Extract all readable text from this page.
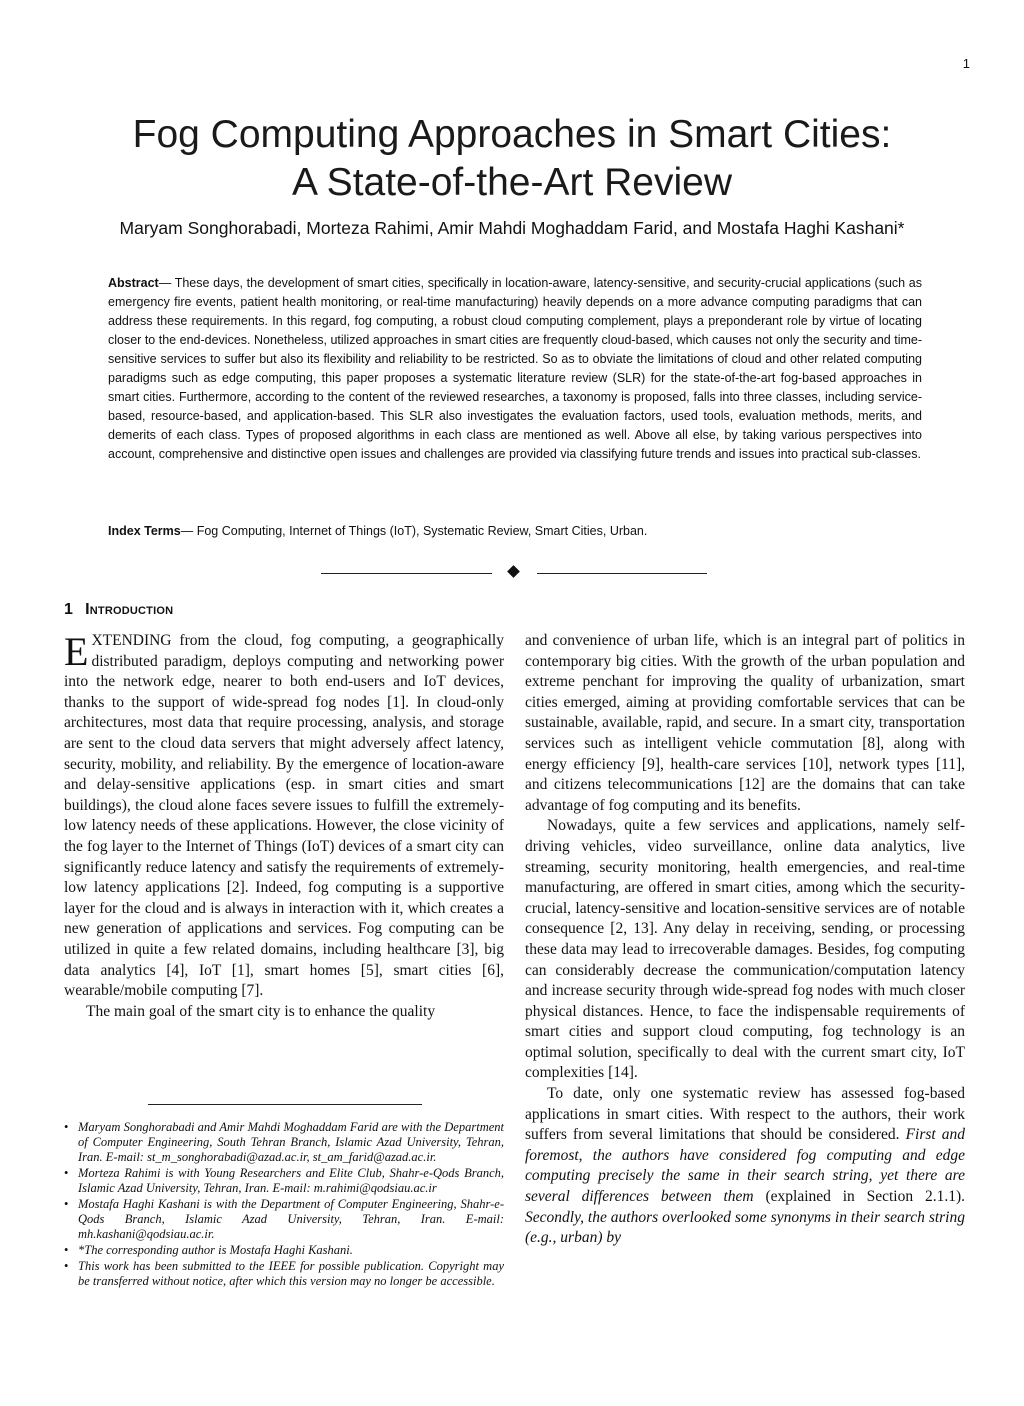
1
Fog Computing Approaches in Smart Cities:
A State-of-the-Art Review
Maryam Songhorabadi, Morteza Rahimi, Amir Mahdi Moghaddam Farid, and Mostafa Haghi Kashani*

Abstract— These days, the development of smart cities, specifically in location-aware, latency-sensitive, and security-crucial applications (such as emergency fire events, patient health monitoring, or real-time manufacturing) heavily depends on a more advance computing paradigms that can address these requirements. In this regard, fog computing, a robust cloud computing complement, plays a preponderant role by virtue of locating closer to the end-devices. Nonetheless, utilized approaches in smart cities are frequently cloud-based, which causes not only the security and time-sensitive services to suffer but also its flexibility and reliability to be restricted. So as to obviate the limitations of cloud and other related computing paradigms such as edge computing, this paper proposes a systematic literature review (SLR) for the state-of-the-art fog-based approaches in smart cities. Furthermore, according to the content of the reviewed researches, a taxonomy is proposed, falls into three classes, including service-based, resource-based, and application-based. This SLR also investigates the evaluation factors, used tools, evaluation methods, merits, and demerits of each class. Types of proposed algorithms in each class are mentioned as well. Above all else, by taking various perspectives into account, comprehensive and distinctive open issues and challenges are provided via classifying future trends and issues into practical sub-classes.

Index Terms— Fog Computing, Internet of Things (IoT), Systematic Review, Smart Cities, Urban.

1 Introduction

EXTENDING from the cloud, fog computing, a geographically distributed paradigm, deploys computing and networking power into the network edge, nearer to both end-users and IoT devices, thanks to the support of wide-spread fog nodes [1]. In cloud-only architectures, most data that require processing, analysis, and storage are sent to the cloud data servers that might adversely affect latency, security, mobility, and reliability. By the emergence of location-aware and delay-sensitive applications (esp. in smart cities and smart buildings), the cloud alone faces severe issues to fulfill the extremely-low latency needs of these applications. However, the close vicinity of the fog layer to the Internet of Things (IoT) devices of a smart city can significantly reduce latency and satisfy the requirements of extremely-low latency applications [2]. Indeed, fog computing is a supportive layer for the cloud and is always in interaction with it, which creates a new generation of applications and services. Fog computing can be utilized in quite a few related domains, including healthcare [3], big data analytics [4], IoT [1], smart homes [5], smart cities [6], wearable/mobile computing [7].

The main goal of the smart city is to enhance the quality

• Maryam Songhorabadi and Amir Mahdi Moghaddam Farid are with the Department of Computer Engineering, South Tehran Branch, Islamic Azad University, Tehran, Iran. E-mail: st_m_songhorabadi@azad.ac.ir, st_am_farid@azad.ac.ir.
• Morteza Rahimi is with Young Researchers and Elite Club, Shahr-e-Qods Branch, Islamic Azad University, Tehran, Iran. E-mail: m.rahimi@qodsiau.ac.ir
• Mostafa Haghi Kashani is with the Department of Computer Engineering, Shahr-e-Qods Branch, Islamic Azad University, Tehran, Iran. E-mail: mh.kashani@qodsiau.ac.ir.
• *The corresponding author is Mostafa Haghi Kashani.
• This work has been submitted to the IEEE for possible publication. Copyright may be transferred without notice, after which this version may no longer be accessible.

and convenience of urban life, which is an integral part of politics in contemporary big cities. With the growth of the urban population and extreme penchant for improving the quality of urbanization, smart cities emerged, aiming at providing comfortable services that can be sustainable, available, rapid, and secure. In a smart city, transportation services such as intelligent vehicle commutation [8], along with energy efficiency [9], health-care services [10], network types [11], and citizens telecommunications [12] are the domains that can take advantage of fog computing and its benefits.

Nowadays, quite a few services and applications, namely self-driving vehicles, video surveillance, online data analytics, live streaming, security monitoring, health emergencies, and real-time manufacturing, are offered in smart cities, among which the security-crucial, latency-sensitive and location-sensitive services are of notable consequence [2, 13]. Any delay in receiving, sending, or processing these data may lead to irrecoverable damages. Besides, fog computing can considerably decrease the communication/computation latency and increase security through wide-spread fog nodes with much closer physical distances. Hence, to face the indispensable requirements of smart cities and support cloud computing, fog technology is an optimal solution, specifically to deal with the current smart city, IoT complexities [14].

To date, only one systematic review has assessed fog-based applications in smart cities. With respect to the authors, their work suffers from several limitations that should be considered. First and foremost, the authors have considered fog computing and edge computing precisely the same in their search string, yet there are several differences between them (explained in Section 2.1.1). Secondly, the authors overlooked some synonyms in their search string (e.g., urban) by
